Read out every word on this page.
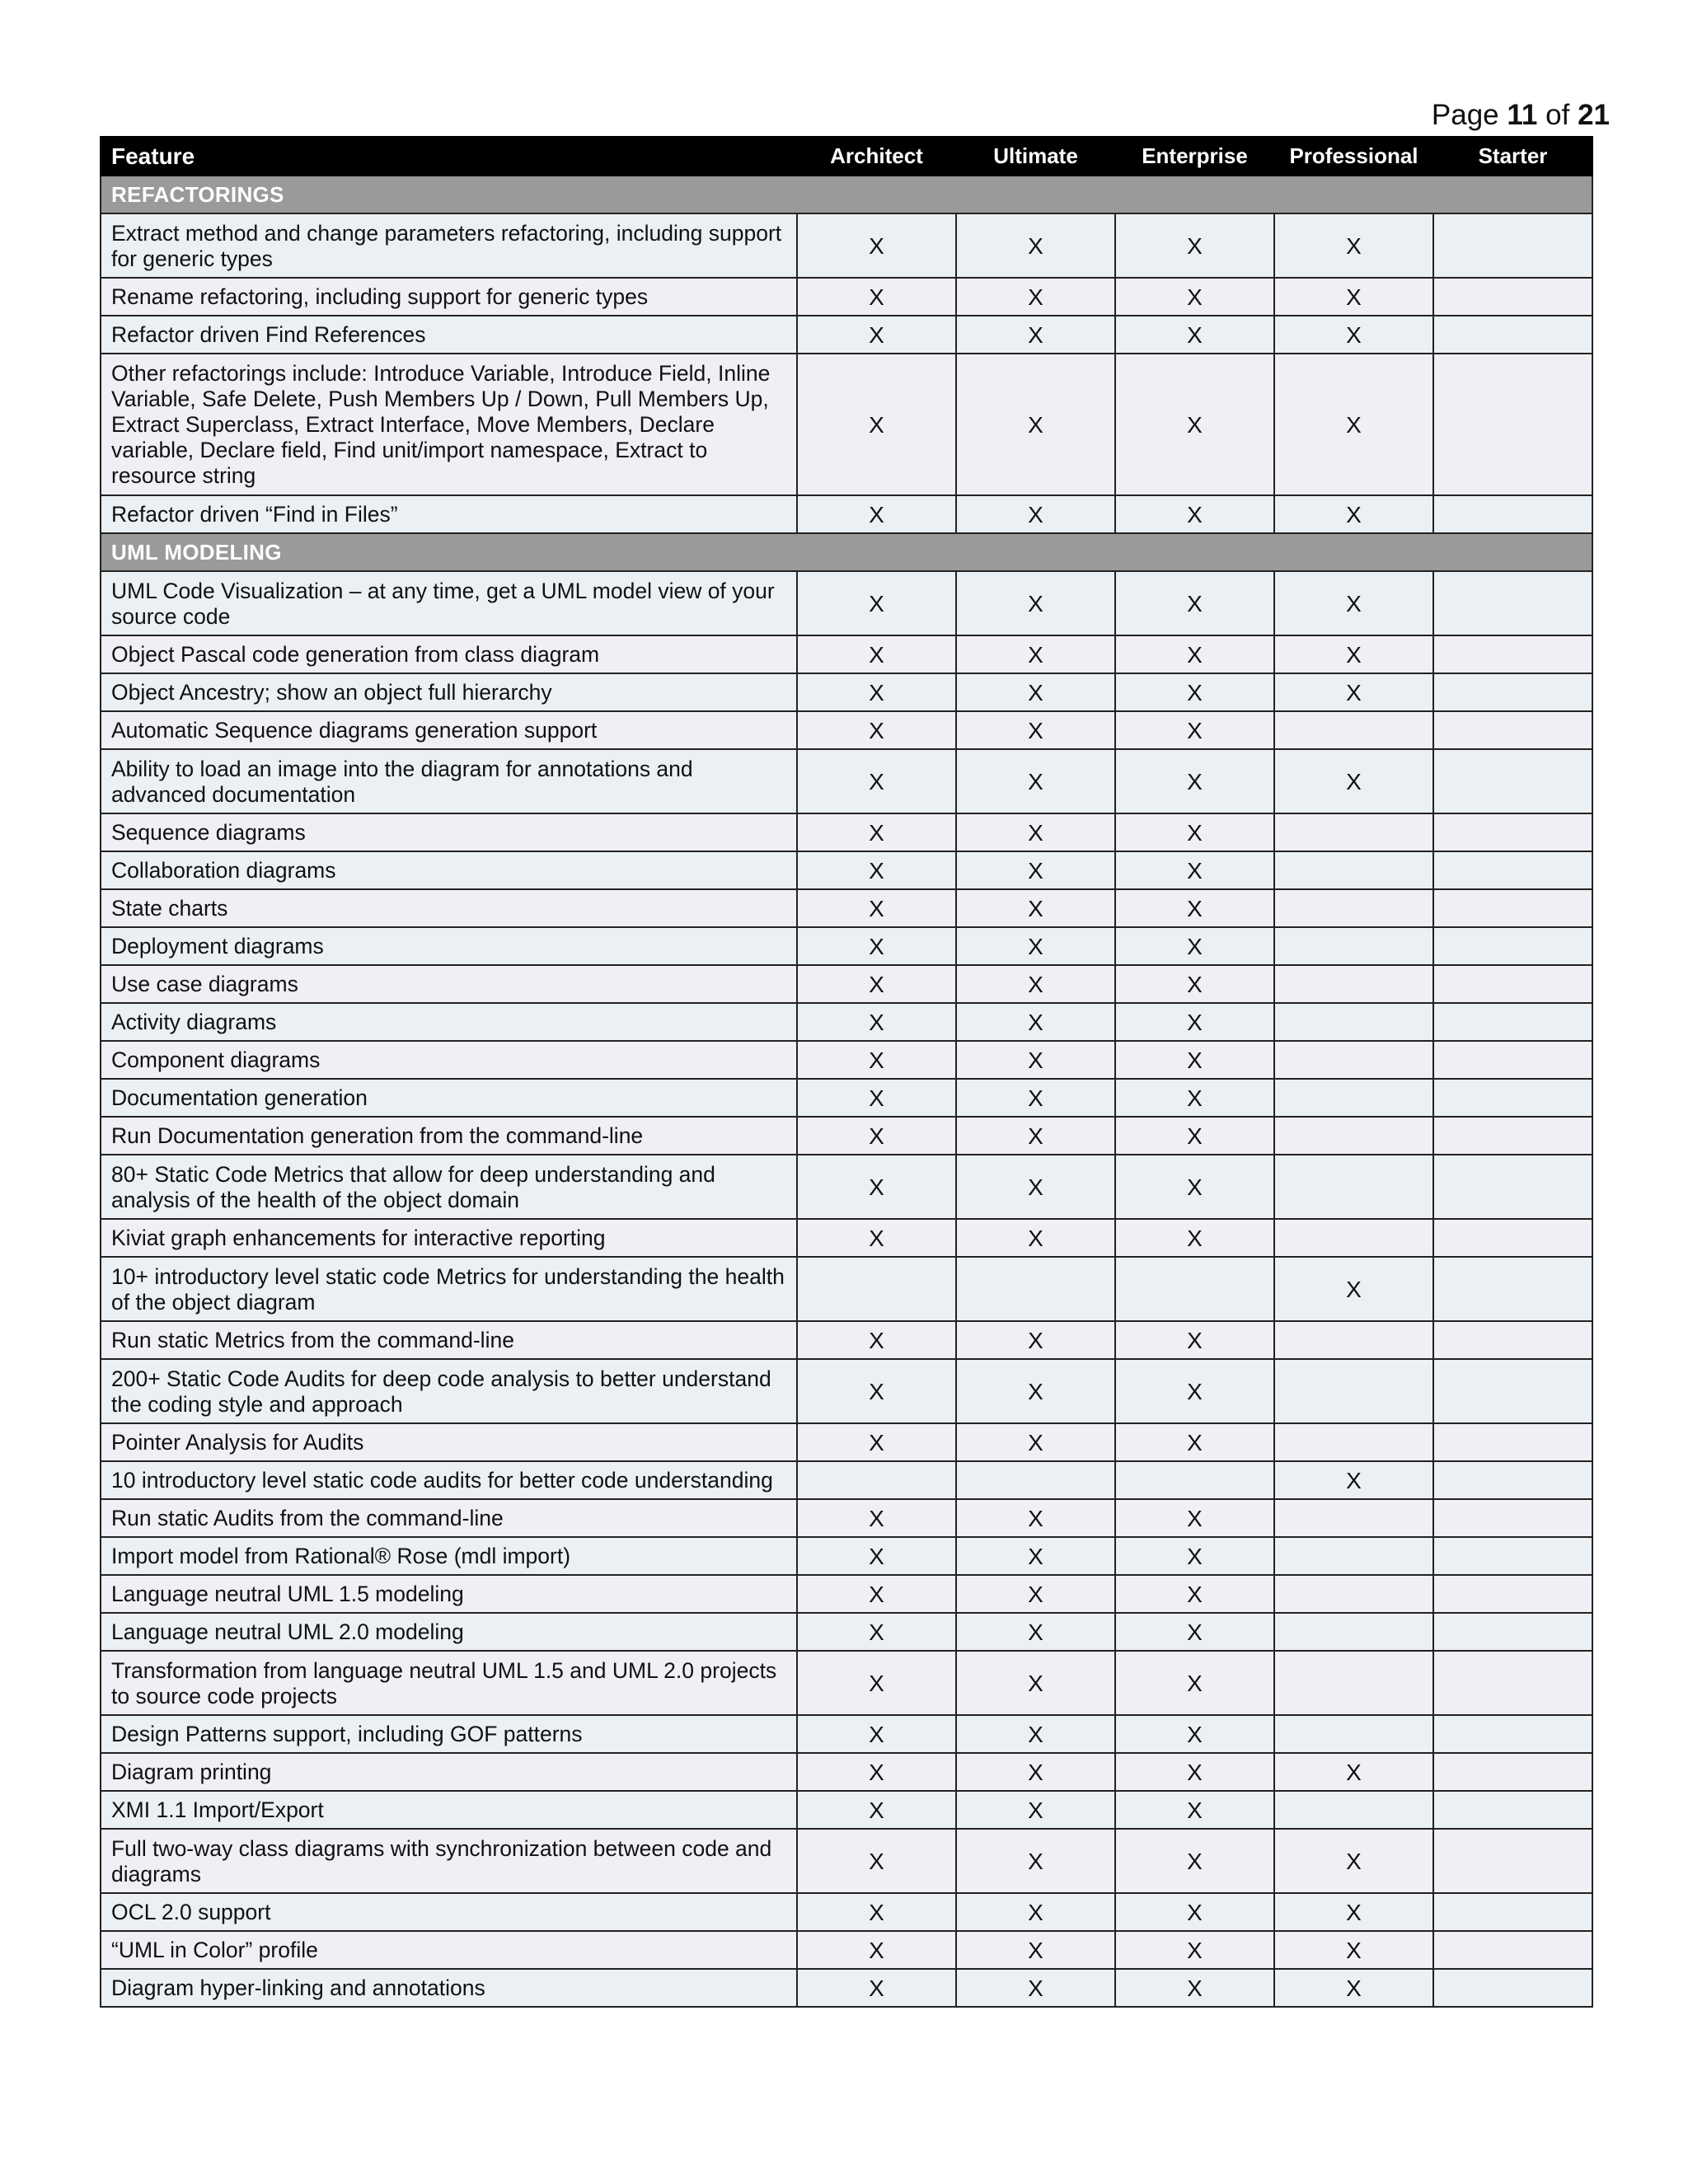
Page 11 of 21
Feature	Architect	Ultimate	Enterprise	Professional	Starter
REFACTORINGS					
Extract method and change parameters refactoring, including support for generic types	X	X	X	X	
Rename refactoring, including support for generic types	X	X	X	X	
Refactor driven Find References	X	X	X	X	
Other refactorings include: Introduce Variable, Introduce Field, Inline Variable, Safe Delete, Push Members Up / Down, Pull Members Up, Extract Superclass, Extract Interface, Move Members, Declare variable, Declare field, Find unit/import namespace, Extract to resource string	X	X	X	X	
Refactor driven “Find in Files”	X	X	X	X	
UML MODELING					
UML Code Visualization – at any time, get a UML model view of your source code	X	X	X	X	
Object Pascal code generation from class diagram	X	X	X	X	
Object Ancestry; show an object full hierarchy	X	X	X	X	
Automatic Sequence diagrams generation support	X	X	X		
Ability to load an image into the diagram for annotations and advanced documentation	X	X	X	X	
Sequence diagrams	X	X	X		
Collaboration diagrams	X	X	X		
State charts	X	X	X		
Deployment diagrams	X	X	X		
Use case diagrams	X	X	X		
Activity diagrams	X	X	X		
Component diagrams	X	X	X		
Documentation generation	X	X	X		
Run Documentation generation from the command-line	X	X	X		
80+ Static Code Metrics that allow for deep understanding and analysis of the health of the object domain	X	X	X		
Kiviat graph enhancements for interactive reporting	X	X	X		
10+ introductory level static code Metrics for understanding the health of the object diagram				X	
Run static Metrics from the command-line	X	X	X		
200+ Static Code Audits for deep code analysis to better understand the coding style and approach	X	X	X		
Pointer Analysis for Audits	X	X	X		
10 introductory level static code audits for better code understanding				X	
Run static Audits from the command-line	X	X	X		
Import model from Rational® Rose (mdl import)	X	X	X		
Language neutral UML 1.5 modeling	X	X	X		
Language neutral UML 2.0 modeling	X	X	X		
Transformation from language neutral UML 1.5 and UML 2.0 projects to source code projects	X	X	X		
Design Patterns support, including GOF patterns	X	X	X		
Diagram printing	X	X	X	X	
XMI 1.1 Import/Export	X	X	X		
Full two-way class diagrams with synchronization between code and diagrams	X	X	X	X	
OCL 2.0 support	X	X	X	X	
“UML in Color” profile	X	X	X	X	
Diagram hyper-linking and annotations	X	X	X	X	
